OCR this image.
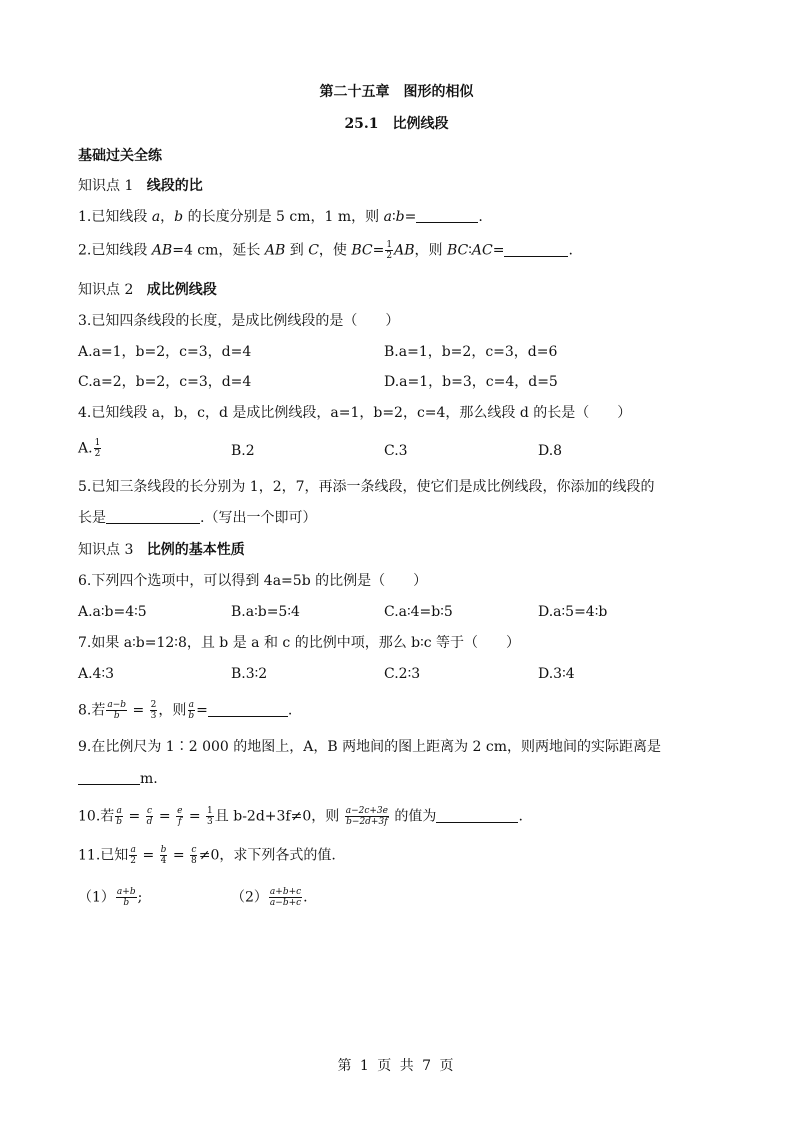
第二十五章　图形的相似
25.1　比例线段
基础过关全练
知识点 1 线段的比
1.已知线段 a，b 的长度分别是 5 cm，1 m，则 a∶b=	.
2.已知线段 AB=4 cm，延长 AB 到 C，使 $BC= \frac{1}{2}$ AB，则 BC∶AC=	.
知识点 2 成比例线段
3.已知四条线段的长度，是成比例线段的是（　　）
A.a=1，b=2，c=3，d=4	B.a=1，b=2，c=3，d=6
C.a=2，b=2，c=3，d=4	D.a=1，b=3，c=4，d=5
4.已知线段 a，b，c，d 是成比例线段，a=1，b=2，c=4，那么线段 d 的长是（　　）
A. $\frac{1}{2}$	B.2	C.3	D.8
5.已知三条线段的长分别为 1，2，7，再添一条线段，使它们是成比例线段，你添加的线段的
长是	.（写出一个即可）
知识点 3 比例的基本性质
6.下列四个选项中，可以得到 4a=5b 的比例是（　　）
A.a∶b=4∶5	B.a∶b=5∶4	C.a∶4=b∶5	D.a∶5=4∶b
7.如果 a∶b=12∶8，且 b 是 a 和 c 的比例中项，那么 b∶c 等于（　　）
A.4∶3	B.3∶2	C.2∶3	D.3∶4
8.若 $\frac{a-b}{b} = \frac{2}{3}$ ，则 $\frac{a}{b}$ =	.
9.在比例尺为 1∶2 000 的地图上，A，B 两地间的图上距离为 2 cm，则两地间的实际距离是
m.
10.若 $\frac{a}{b} = \frac{c}{d} = \frac{e}{f} = \frac{1}{3}$ 且 b-2d+3f≠0，则 $\frac{a-2c+3e}{b-2d+3f}$ 的值为	.
11.已知 $\frac{a}{2} = \frac{b}{4} = \frac{c}{8} \ne 0$，求下列各式的值.
$(1) \frac{a+b}{b}$ ;	$(2) \frac{a+b+c}{a-b+c}$ .
第 1 页 共 7 页
